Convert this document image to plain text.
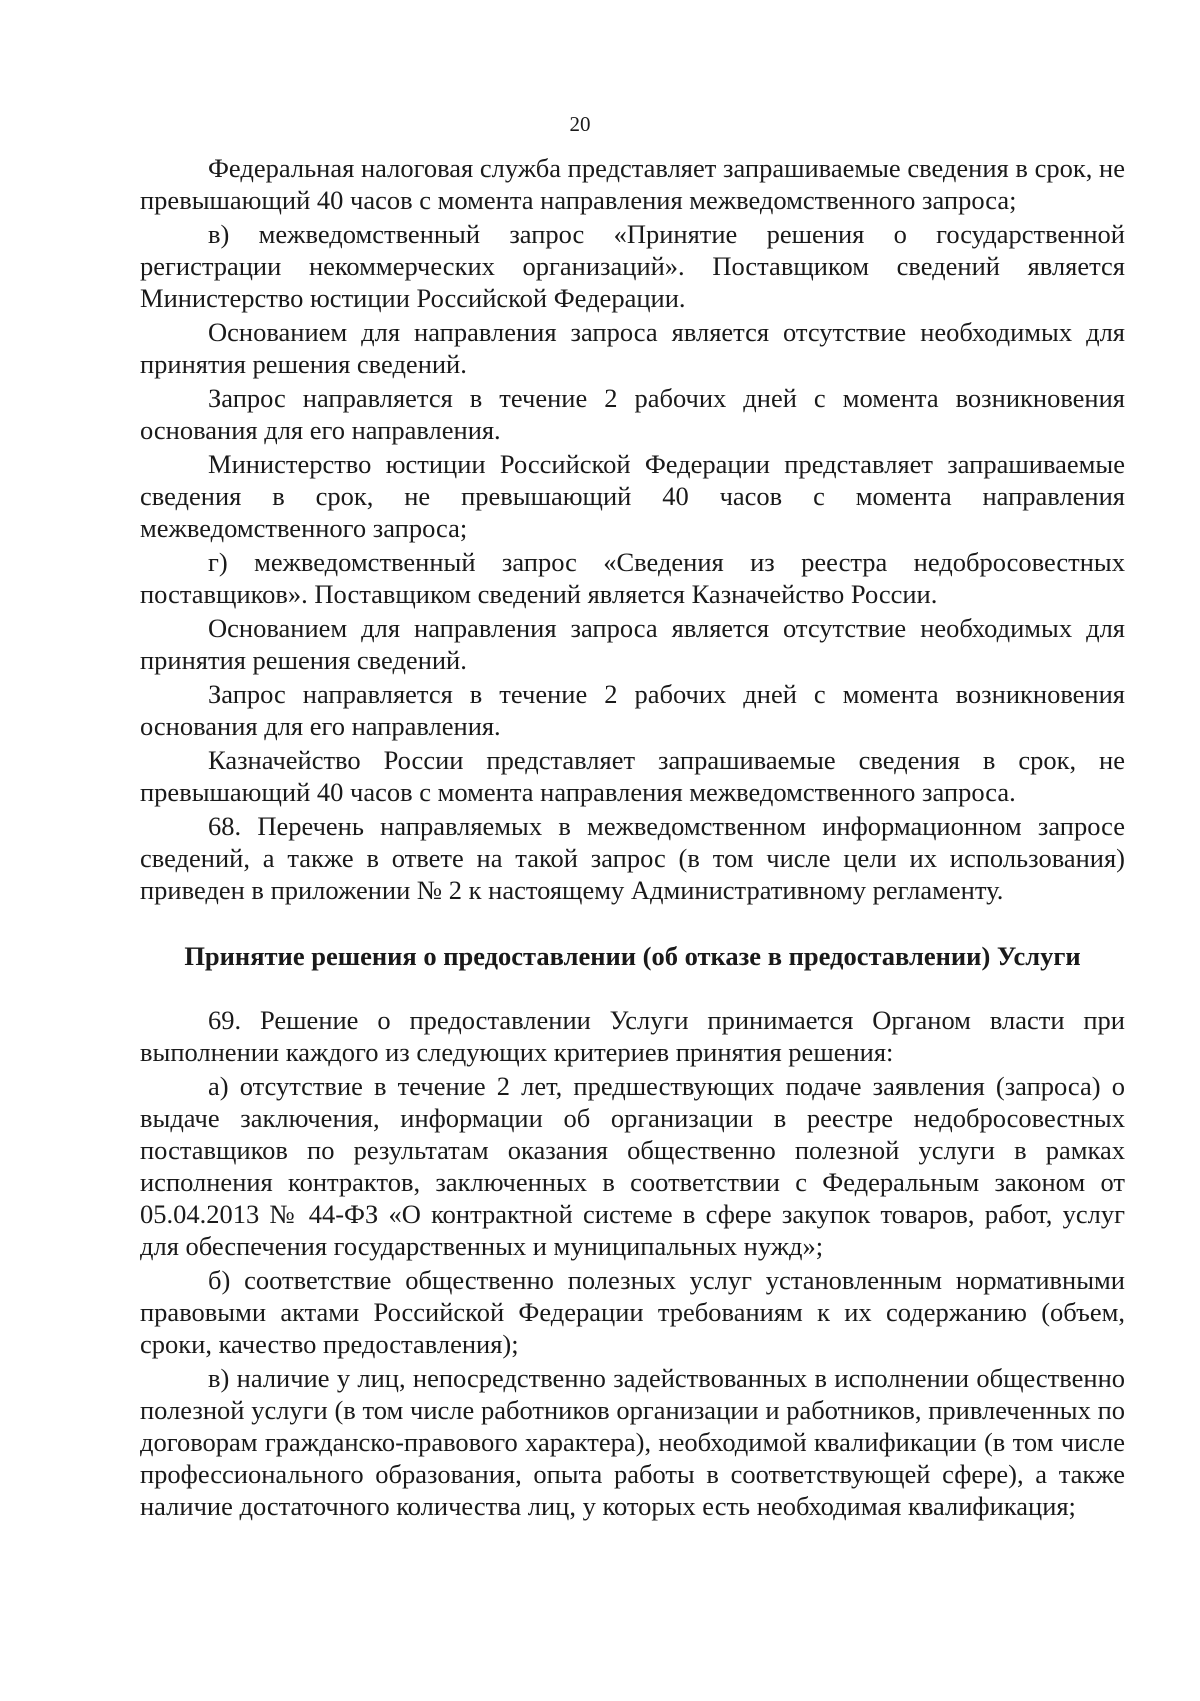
20

Федеральная налоговая служба представляет запрашиваемые сведения в срок, не превышающий 40 часов с момента направления межведомственного запроса;

в) межведомственный запрос «Принятие решения о государственной регистрации некоммерческих организаций». Поставщиком сведений является Министерство юстиции Российской Федерации.

Основанием для направления запроса является отсутствие необходимых для принятия решения сведений.

Запрос направляется в течение 2 рабочих дней с момента возникновения основания для его направления.

Министерство юстиции Российской Федерации представляет запрашиваемые сведения в срок, не превышающий 40 часов с момента направления межведомственного запроса;

г) межведомственный запрос «Сведения из реестра недобросовестных поставщиков». Поставщиком сведений является Казначейство России.

Основанием для направления запроса является отсутствие необходимых для принятия решения сведений.

Запрос направляется в течение 2 рабочих дней с момента возникновения основания для его направления.

Казначейство России представляет запрашиваемые сведения в срок, не превышающий 40 часов с момента направления межведомственного запроса.

68. Перечень направляемых в межведомственном информационном запросе сведений, а также в ответе на такой запрос (в том числе цели их использования) приведен в приложении № 2 к настоящему Административному регламенту.

Принятие решения о предоставлении (об отказе в предоставлении) Услуги

69. Решение о предоставлении Услуги принимается Органом власти при выполнении каждого из следующих критериев принятия решения:

а) отсутствие в течение 2 лет, предшествующих подаче заявления (запроса) о выдаче заключения, информации об организации в реестре недобросовестных поставщиков по результатам оказания общественно полезной услуги в рамках исполнения контрактов, заключенных в соответствии с Федеральным законом от 05.04.2013 № 44-ФЗ «О контрактной системе в сфере закупок товаров, работ, услуг для обеспечения государственных и муниципальных нужд»;

б) соответствие общественно полезных услуг установленным нормативными правовыми актами Российской Федерации требованиям к их содержанию (объем, сроки, качество предоставления);

в) наличие у лиц, непосредственно задействованных в исполнении общественно полезной услуги (в том числе работников организации и работников, привлеченных по договорам гражданско-правового характера), необходимой квалификации (в том числе профессионального образования, опыта работы в соответствующей сфере), а также наличие достаточного количества лиц, у которых есть необходимая квалификация;
